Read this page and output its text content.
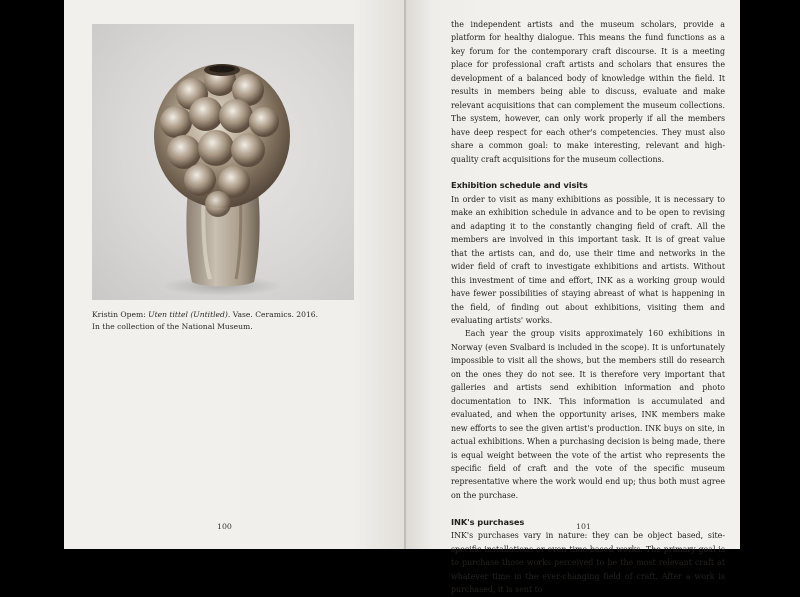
Kristin Opem: Uten tittel (Untitled). Vase. Ceramics. 2016.
In the collection of the National Museum.
100

the independent artists and the museum scholars, provide a platform for healthy dialogue. This means the fund functions as a key forum for the contemporary craft discourse. It is a meeting place for professional craft artists and scholars that ensures the development of a balanced body of knowledge within the field. It results in members being able to discuss, evaluate and make relevant acquisitions that can complement the museum collections. The system, however, can only work properly if all the members have deep respect for each other's competencies. They must also share a common goal: to make interesting, relevant and high-quality craft acquisitions for the museum collections.

Exhibition schedule and visits

In order to visit as many exhibitions as possible, it is necessary to make an exhibition schedule in advance and to be open to revising and adapting it to the constantly changing field of craft. All the members are involved in this important task. It is of great value that the artists can, and do, use their time and networks in the wider field of craft to investigate exhibitions and artists. Without this investment of time and effort, INK as a working group would have fewer possibilities of staying abreast of what is happening in the field, of finding out about exhibitions, visiting them and evaluating artists' works.

Each year the group visits approximately 160 exhibitions in Norway (even Svalbard is included in the scope). It is unfortunately impossible to visit all the shows, but the members still do research on the ones they do not see. It is therefore very important that galleries and artists send exhibition information and photo documentation to INK. This information is accumulated and evaluated, and when the opportunity arises, INK members make new efforts to see the given artist's production. INK buys on site, in actual exhibitions. When a purchasing decision is being made, there is equal weight between the vote of the artist who represents the specific field of craft and the vote of the specific museum representative where the work would end up; thus both must agree on the purchase.

INK's purchases

INK's purchases vary in nature: they can be object based, site-specific installations or even time-based works. The primary goal is to purchase those works perceived to be the most relevant craft at whatever time in the ever-changing field of craft. After a work is purchased, it is sent to

101
